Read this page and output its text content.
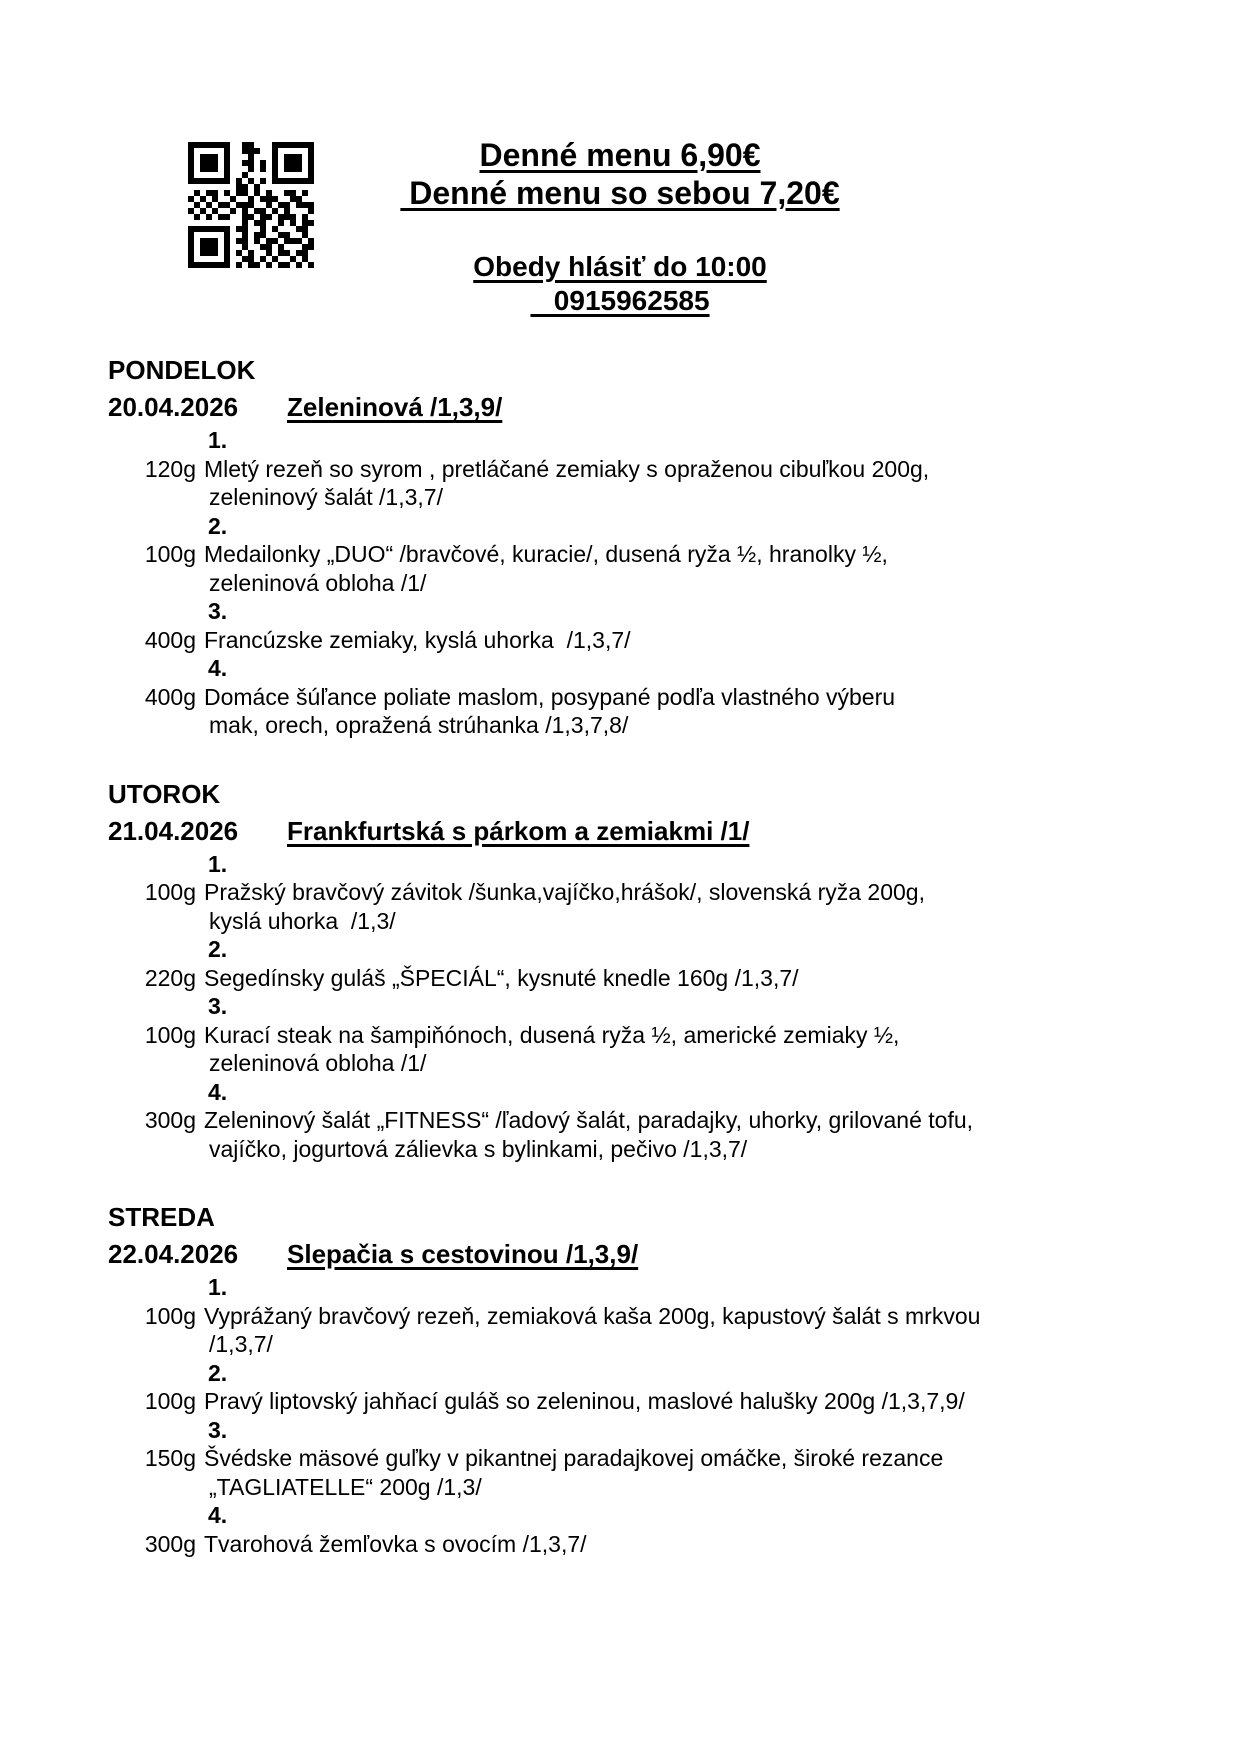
Denné menu 6,90€
Denné menu so sebou 7,20€
Obedy hlásiť do 10:00
0915962585
PONDELOK
20.04.2026	Zeleninová /1,3,9/
1.
120g Mletý rezeň so syrom , pretláčané zemiaky s opraženou cibuľkou 200g,
zeleninový šalát /1,3,7/
2.
100g Medailonky „DUO“ /bravčové, kuracie/, dusená ryža ½, hranolky ½,
zeleninová obloha /1/
3.
400g Francúzske zemiaky, kyslá uhorka  /1,3,7/
4.
400g Domáce šúľance poliate maslom, posypané podľa vlastného výberu
mak, orech, opražená strúhanka /1,3,7,8/
UTOROK
21.04.2026	Frankfurtská s párkom a zemiakmi /1/
1.
100g Pražský bravčový závitok /šunka,vajíčko,hrášok/, slovenská ryža 200g,
kyslá uhorka  /1,3/
2.
220g Segedínsky guláš „ŠPECIÁL“, kysnuté knedle 160g /1,3,7/
3.
100g Kurací steak na šampiňónoch, dusená ryža ½, americké zemiaky ½,
zeleninová obloha /1/
4.
300g Zeleninový šalát „FITNESS“ /ľadový šalát, paradajky, uhorky, grilované tofu,
vajíčko, jogurtová zálievka s bylinkami, pečivo /1,3,7/
STREDA
22.04.2026	Slepačia s cestovinou /1,3,9/
1.
100g Vyprážaný bravčový rezeň, zemiaková kaša 200g, kapustový šalát s mrkvou
/1,3,7/
2.
100g Pravý liptovský jahňací guláš so zeleninou, maslové halušky 200g /1,3,7,9/
3.
150g Švédske mäsové guľky v pikantnej paradajkovej omáčke, široké rezance
„TAGLIATELLE“ 200g /1,3/
4.
300g Tvarohová žemľovka s ovocím /1,3,7/
